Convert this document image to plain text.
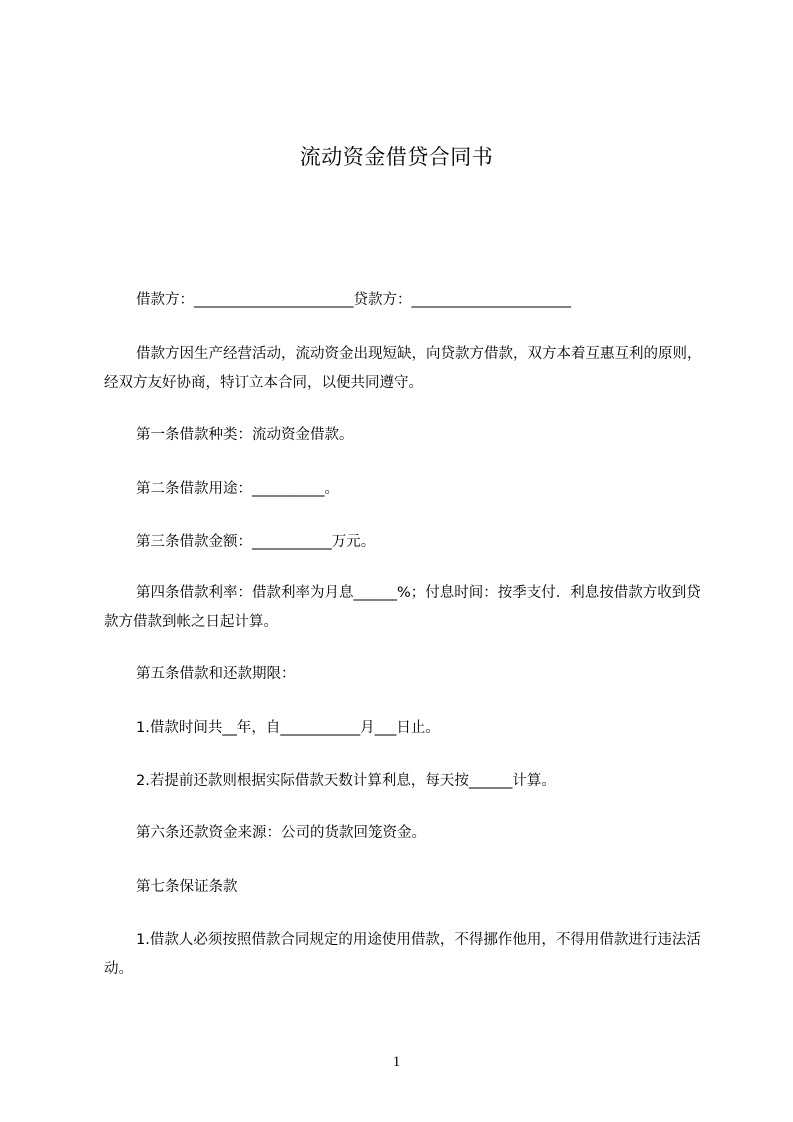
流动资金借贷合同书
借款方：______________________贷款方：______________________
借款方因生产经营活动，流动资金出现短缺，向贷款方借款，双方本着互惠互利的原则，经双方友好协商，特订立本合同，以便共同遵守。
第一条借款种类：流动资金借款。
第二条借款用途：__________。
第三条借款金额：___________万元。
第四条借款利率：借款利率为月息______%；付息时间：按季支付．利息按借款方收到贷款方借款到帐之日起计算。
第五条借款和还款期限：
1.借款时间共__年，自___________月___日止。
2.若提前还款则根据实际借款天数计算利息，每天按______计算。
第六条还款资金来源：公司的货款回笼资金。
第七条保证条款
1.借款人必须按照借款合同规定的用途使用借款，不得挪作他用，不得用借款进行违法活动。
1
